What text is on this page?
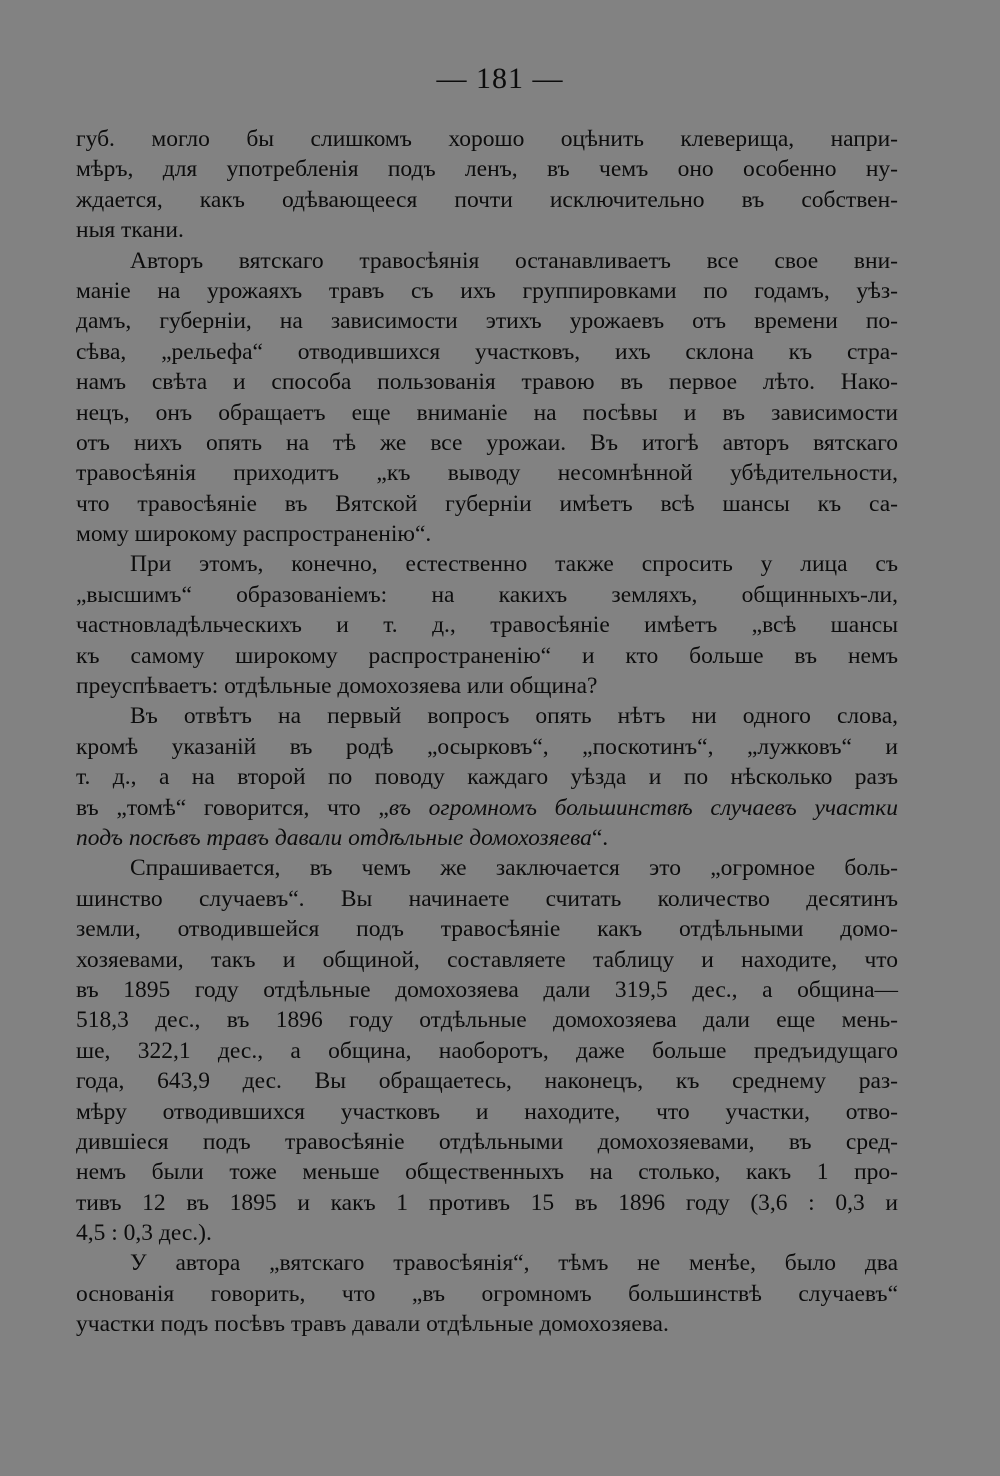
— 181 —
губ. могло бы слишкомъ хорошо оцѣнить клеверища, напри-
мѣръ, для употребленія подъ ленъ, въ чемъ оно особенно ну-
ждается, какъ одѣвающееся почти исключительно въ собствен-
ныя ткани.
Авторъ вятскаго травосѣянія останавливаетъ все свое вни-
маніе на урожаяхъ травъ съ ихъ группировками по годамъ, уѣз-
дамъ, губерніи, на зависимости этихъ урожаевъ отъ времени по-
сѣва, „рельефа“ отводившихся участковъ, ихъ склона къ стра-
намъ свѣта и способа пользованія травою въ первое лѣто. Нако-
нецъ, онъ обращаетъ еще вниманіе на посѣвы и въ зависимости
отъ нихъ опять на тѣ же все урожаи. Въ итогѣ авторъ вятскаго
травосѣянія приходитъ „къ выводу несомнѣнной убѣдительности,
что травосѣяніе въ Вятской губерніи имѣетъ всѣ шансы къ са-
мому широкому распространенію“.
При этомъ, конечно, естественно также спросить у лица съ
„высшимъ“ образованіемъ: на какихъ земляхъ, общинныхъ-ли,
частновладѣльческихъ и т. д., травосѣяніе имѣетъ „всѣ шансы
къ самому широкому распространенію“ и кто больше въ немъ
преуспѣваетъ: отдѣльные домохозяева или община?
Въ отвѣтъ на первый вопросъ опять нѣтъ ни одного слова,
кромѣ указаній въ родѣ „осырковъ“, „поскотинъ“, „лужковъ“ и
т. д., а на второй по поводу каждаго уѣзда и по нѣсколько разъ
въ „томѣ“ говорится, что „въ огромномъ большинствѣ случаевъ участки
подъ посѣвъ травъ давали отдѣльные домохозяева“.
Спрашивается, въ чемъ же заключается это „огромное боль-
шинство случаевъ“. Вы начинаете считать количество десятинъ
земли, отводившейся подъ травосѣяніе какъ отдѣльными домо-
хозяевами, такъ и общиной, составляете таблицу и находите, что
въ 1895 году отдѣльные домохозяева дали 319,5 дес., а община—
518,3 дес., въ 1896 году отдѣльные домохозяева дали еще мень-
ше, 322,1 дес., а община, наоборотъ, даже больше предъидущаго
года, 643,9 дес. Вы обращаетесь, наконецъ, къ среднему раз-
мѣру отводившихся участковъ и находите, что участки, отво-
дившіеся подъ травосѣяніе отдѣльными домохозяевами, въ сред-
немъ были тоже меньше общественныхъ на столько, какъ 1 про-
тивъ 12 въ 1895 и какъ 1 противъ 15 въ 1896 году (3,6 : 0,3 и
4,5 : 0,3 дес.).
У автора „вятскаго травосѣянія“, тѣмъ не менѣе, было два
основанія говорить, что „въ огромномъ большинствѣ случаевъ“
участки подъ посѣвъ травъ давали отдѣльные домохозяева.
